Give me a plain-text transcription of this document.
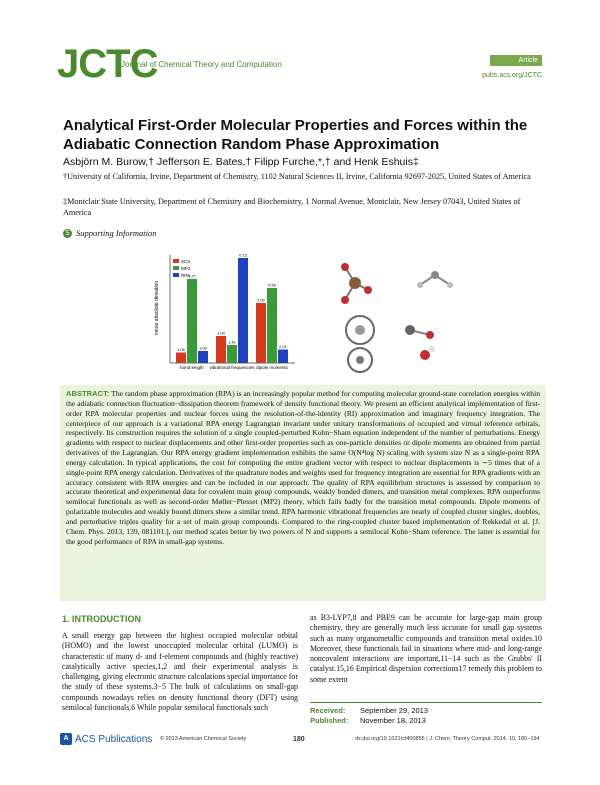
JCTC
Journal of Chemical Theory and Computation	Article
pubs.acs.org/JCTC
Analytical First-Order Molecular Properties and Forces within the Adiabatic Connection Random Phase Approximation
Asbjörn M. Burow,† Jefferson E. Bates,† Filipp Furche,*,† and Henk Eshuis‡
†University of California, Irvine, Department of Chemistry, 1102 Natural Sciences II, Irvine, California 92697-2025, United States of America
‡Montclair State University, Department of Chemistry and Biochemistry, 1 Normal Avenue, Montclair, New Jersey 07043, United States of America
S Supporting Information
mean absolute deviation
1.06
4.27
1.00
bond length
1.00
1.41
0.15
vibrational frequencies
2.00
5.56
2.01
dipole moments
SCS
MP2
RPA

ABSTRACT: The random phase approximation (RPA) is an increasingly popular method for computing molecular ground-state correlation energies within the adiabatic connection fluctuation−dissipation theorem framework of density functional theory. We present an efficient analytical implementation of first-order RPA molecular properties and nuclear forces using the resolution-of-the-identity (RI) approximation and imaginary frequency integration. The centerpiece of our approach is a variational RPA energy Lagrangian invariant under unitary transformations of occupied and virtual reference orbitals, respectively. Its construction requires the solution of a single coupled-perturbed Kohn−Sham equation independent of the number of perturbations. Energy gradients with respect to nuclear displacements and other first-order properties such as one-particle densities or dipole moments are obtained from partial derivatives of the Lagrangian. Our RPA energy gradient implementation exhibits the same O(N⁴log N) scaling with system size N as a single-point RPA energy calculation. In typical applications, the cost for computing the entire gradient vector with respect to nuclear displacements is ∼5 times that of a single-point RPA energy calculation. Derivatives of the quadrature nodes and weights used for frequency integration are essential for RPA gradients with an accuracy consistent with RPA energies and can be included in our approach. The quality of RPA equilibrium structures is assessed by comparison to accurate theoretical and experimental data for covalent main group compounds, weakly bonded dimers, and transition metal complexes. RPA outperforms semilocal functionals as well as second-order Møller−Plesset (MP2) theory, which fails badly for the transition metal compounds. Dipole moments of polarizable molecules and weakly bound dimers show a similar trend. RPA harmonic vibrational frequencies are nearly of coupled cluster singles, doubles, and perturbative triples quality for a set of main group compounds. Compared to the ring-coupled cluster based implementation of Rekkedal et al. [J. Chem. Phys. 2013, 139, 081101.], our method scales better by two powers of N and supports a semilocal Kohn−Sham reference. The latter is essential for the good performance of RPA in small-gap systems.

1. INTRODUCTION
A small energy gap between the highest occupied molecular orbital (HOMO) and the lowest unoccupied molecular orbital (LUMO) is characteristic of many d- and f-element compounds and (highly reactive) catalytically active species,1,2 and their experimental analysis is challenging, giving electronic structure calculations special importance for the study of these systems.3−5 The bulk of calculations on small-gap compounds nowadays relies on density functional theory (DFT) using semilocal functionals.6 While popular semilocal functionals such
as B3-LYP7,8 and PBE9 can be accurate for large-gap main group chemistry, they are generally much less accurate for small gap systems such as many organometallic compounds and transition metal oxides.10 Moreover, these functionals fail in situations where mid- and long-range noncovalent interactions are important,11−14 such as the Grubbs' II catalyst.15,16 Empirical dispersion corrections17 remedy this problem to some extent
Received: September 29, 2013
Published: November 18, 2013
A ACS Publications © 2013 American Chemical Society	180	dx.doi.org/10.1021/ct400855 | J. Chem. Theory Comput. 2014, 10, 180−194
